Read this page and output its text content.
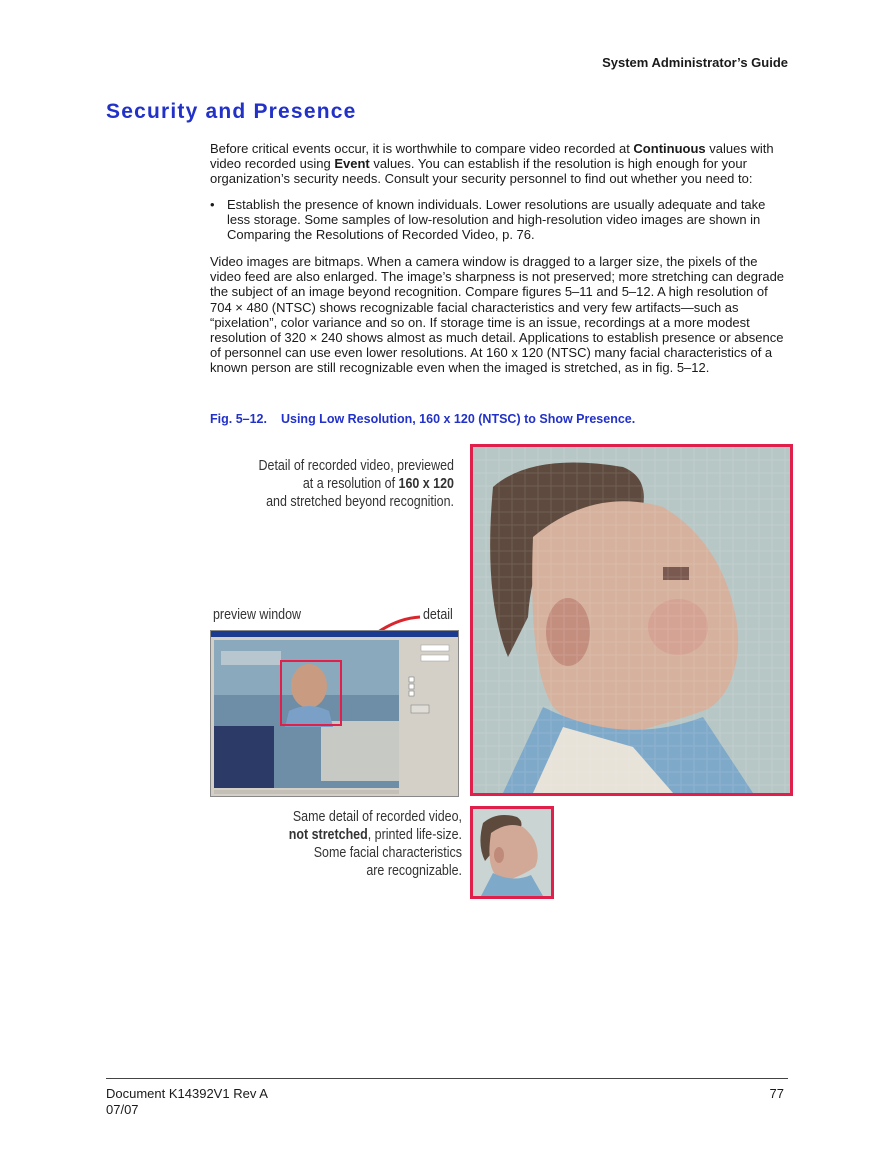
System Administrator’s Guide
Security and Presence
Before critical events occur, it is worthwhile to compare video recorded at Continuous values with video recorded using Event values. You can establish if the resolution is high enough for your organization’s security needs. Consult your security personnel to find out whether you need to:
• Establish the presence of known individuals. Lower resolutions are usually adequate and take less storage. Some samples of low-resolution and high-resolution video images are shown in Comparing the Resolutions of Recorded Video, p. 76.
Video images are bitmaps. When a camera window is dragged to a larger size, the pixels of the video feed are also enlarged. The image’s sharpness is not preserved; more stretching can degrade the subject of an image beyond recognition. Compare figures 5–11 and 5–12. A high resolution of 704 × 480 (NTSC) shows recognizable facial characteristics and very few artifacts—such as “pixelation”, color variance and so on. If storage time is an issue, recordings at a more modest resolution of 320 × 240 shows almost as much detail. Applications to establish presence or absence of personnel can use even lower resolutions. At 160 x 120 (NTSC) many facial characteristics of a known person are still recognizable even when the imaged is stretched, as in fig. 5–12.
Fig. 5–12. Using Low Resolution, 160 x 120 (NTSC) to Show Presence.
Detail of recorded video, previewed
at a resolution of 160 x 120
and stretched beyond recognition.
preview window	detail
Same detail of recorded video,
not stretched, printed life-size.
Some facial characteristics
are recognizable.
Document K14392V1 Rev A
07/07
77
